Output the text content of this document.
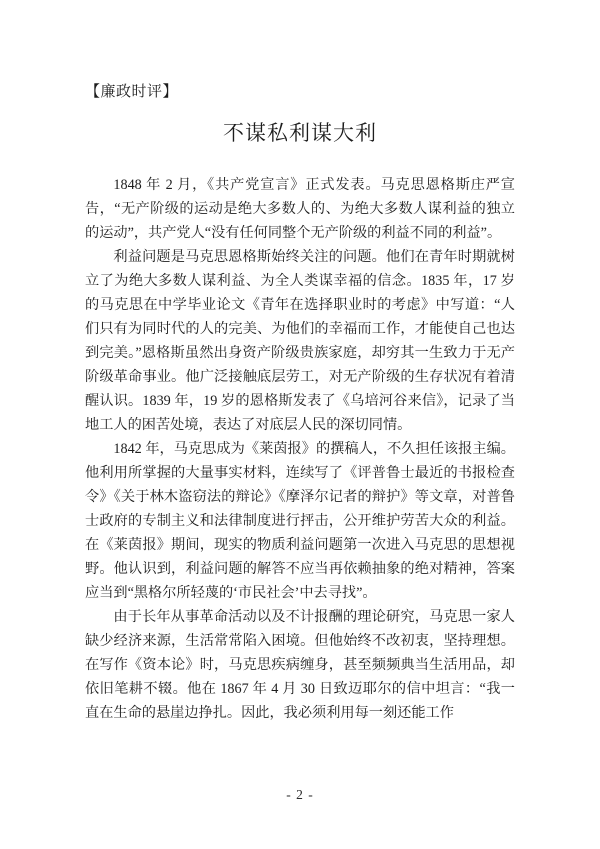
【廉政时评】
不谋私利谋大利

1848 年 2 月，《共产党宣言》正式发表。马克思恩格斯庄严宣告，“无产阶级的运动是绝大多数人的、为绝大多数人谋利益的独立的运动”，共产党人“没有任何同整个无产阶级的利益不同的利益”。

利益问题是马克思恩格斯始终关注的问题。他们在青年时期就树立了为绝大多数人谋利益、为全人类谋幸福的信念。1835 年，17 岁的马克思在中学毕业论文《青年在选择职业时的考虑》中写道：“人们只有为同时代的人的完美、为他们的幸福而工作，才能使自己也达到完美。”恩格斯虽然出身资产阶级贵族家庭，却穷其一生致力于无产阶级革命事业。他广泛接触底层劳工，对无产阶级的生存状况有着清醒认识。1839 年，19 岁的恩格斯发表了《乌培河谷来信》，记录了当地工人的困苦处境，表达了对底层人民的深切同情。

1842 年，马克思成为《莱茵报》的撰稿人，不久担任该报主编。他利用所掌握的大量事实材料，连续写了《评普鲁士最近的书报检查令》《关于林木盗窃法的辩论》《摩泽尔记者的辩护》等文章，对普鲁士政府的专制主义和法律制度进行抨击，公开维护劳苦大众的利益。在《莱茵报》期间，现实的物质利益问题第一次进入马克思的思想视野。他认识到，利益问题的解答不应当再依赖抽象的绝对精神，答案应当到“黑格尔所轻蔑的‘市民社会’中去寻找”。

由于长年从事革命活动以及不计报酬的理论研究，马克思一家人缺少经济来源，生活常常陷入困境。但他始终不改初衷，坚持理想。在写作《资本论》时，马克思疾病缠身，甚至频频典当生活用品，却依旧笔耕不辍。他在 1867 年 4 月 30 日致迈耶尔的信中坦言：“我一直在生命的悬崖边挣扎。因此，我必须利用每一刻还能工作

- 2 -
